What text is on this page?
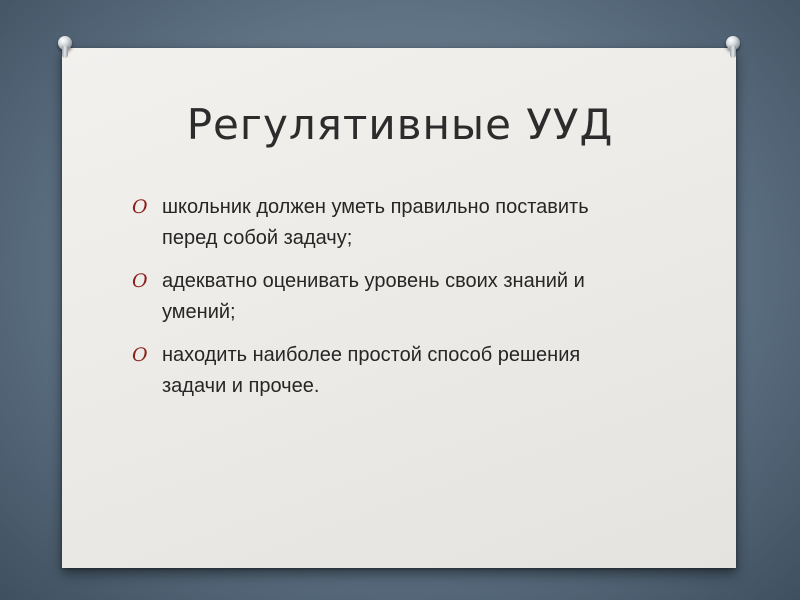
Регулятивные УУД
O школьник должен уметь правильно поставить перед собой задачу;
O адекватно оценивать уровень своих знаний и умений;
O находить наиболее простой способ решения задачи и прочее.
